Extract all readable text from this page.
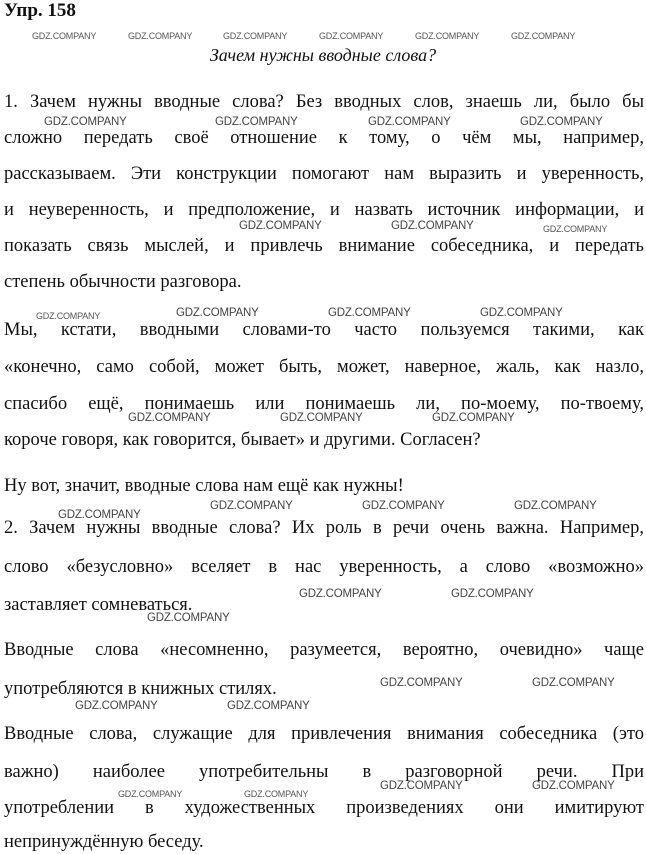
Упр. 158
Зачем нужны вводные слова?
1. Зачем нужны вводные слова? Без вводных слов, знаешь ли, было бы
сложно передать своё отношение к тому, о чём мы, например,
рассказываем. Эти конструкции помогают нам выразить и уверенность,
и неуверенность, и предположение, и назвать источник информации, и
показать связь мыслей, и привлечь внимание собеседника, и передать
степень обычности разговора.
Мы, кстати, вводными словами-то часто пользуемся такими, как
«конечно, само собой, может быть, может, наверное, жаль, как назло,
спасибо ещё, понимаешь или понимаешь ли, по-моему, по-твоему,
короче говоря, как говорится, бывает» и другими. Согласен?
Ну вот, значит, вводные слова нам ещё как нужны!
2. Зачем нужны вводные слова? Их роль в речи очень важна. Например,
слово «безусловно» вселяет в нас уверенность, а слово «возможно»
заставляет сомневаться.
Вводные слова «несомненно, разумеется, вероятно, очевидно» чаще
употребляются в книжных стилях.
Вводные слова, служащие для привлечения внимания собеседника (это
важно) наиболее употребительны в разговорной речи. При
употреблении в художественных произведениях они имитируют
непринуждённую беседу.
GDZ.COMPANY	GDZ.COMPANY	GDZ.COMPANY	GDZ.COMPANY	GDZ.COMPANY	GDZ.COMPANY
GDZ.COMPANY	GDZ.COMPANY	GDZ.COMPANY	GDZ.COMPANY
GDZ.COMPANY	GDZ.COMPANY	GDZ.COMPANY
GDZ.COMPANY	GDZ.COMPANY	GDZ.COMPANY	GDZ.COMPANY
GDZ.COMPANY	GDZ.COMPANY	GDZ.COMPANY
GDZ.COMPANY	GDZ.COMPANY	GDZ.COMPANY
GDZ.COMPANY
GDZ.COMPANY	GDZ.COMPANY
GDZ.COMPANY
GDZ.COMPANY	GDZ.COMPANY
GDZ.COMPANY	GDZ.COMPANY
GDZ.COMPANY	GDZ.COMPANY
GDZ.COMPANY	GDZ.COMPANY
